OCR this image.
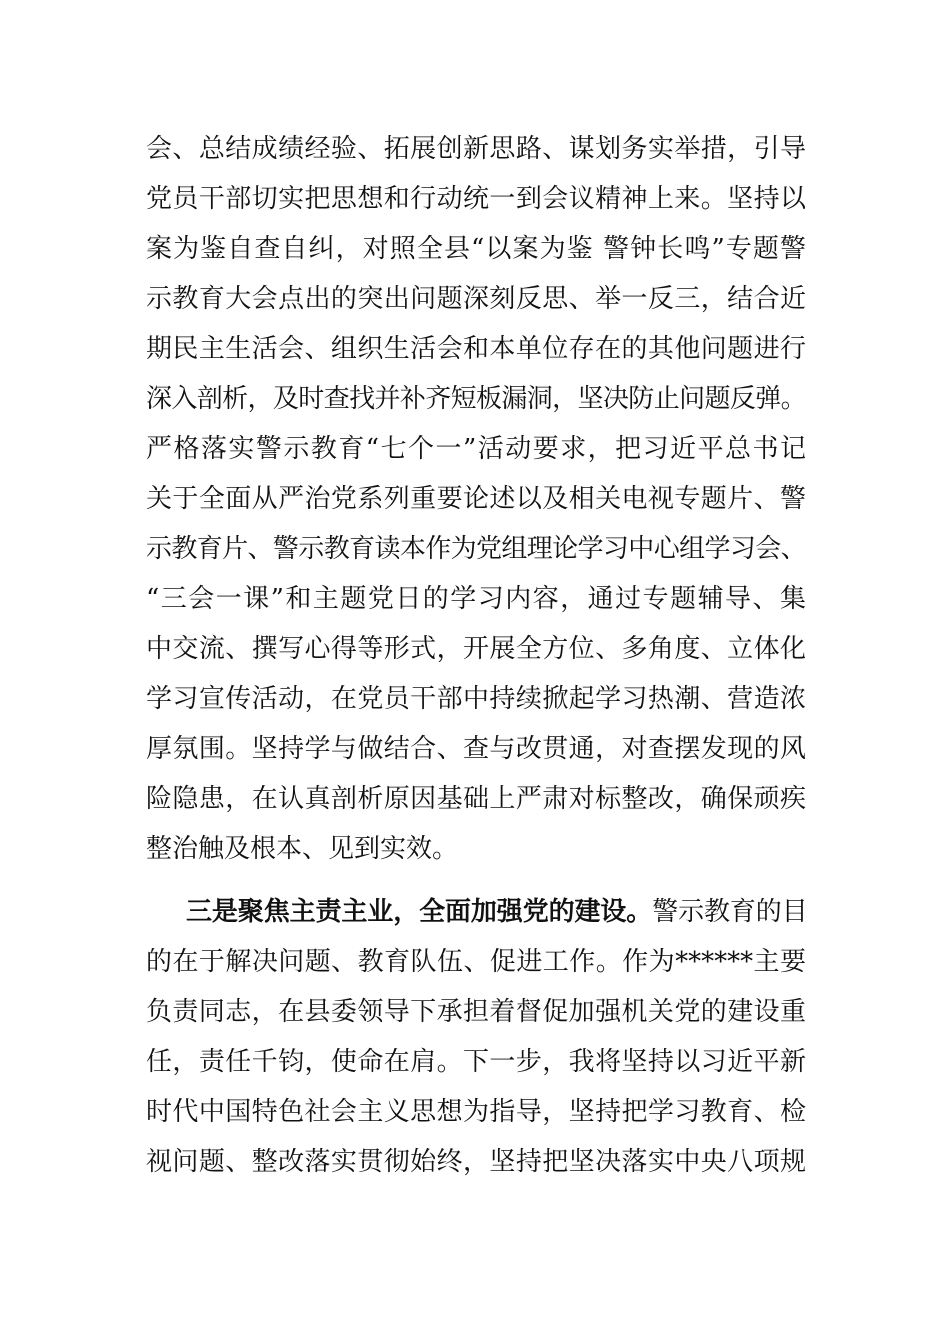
会、总结成绩经验、拓展创新思路、谋划务实举措，引导
党员干部切实把思想和行动统一到会议精神上来。坚持以
案为鉴自查自纠，对照全县“以案为鉴 警钟长鸣”专题警
示教育大会点出的突出问题深刻反思、举一反三，结合近
期民主生活会、组织生活会和本单位存在的其他问题进行
深入剖析，及时查找并补齐短板漏洞，坚决防止问题反弹。
严格落实警示教育“七个一”活动要求，把习近平总书记
关于全面从严治党系列重要论述以及相关电视专题片、警
示教育片、警示教育读本作为党组理论学习中心组学习会、
“三会一课”和主题党日的学习内容，通过专题辅导、集
中交流、撰写心得等形式，开展全方位、多角度、立体化
学习宣传活动，在党员干部中持续掀起学习热潮、营造浓
厚氛围。坚持学与做结合、查与改贯通，对查摆发现的风
险隐患，在认真剖析原因基础上严肃对标整改，确保顽疾
整治触及根本、见到实效。
三是聚焦主责主业，全面加强党的建设。 警示教育的目
的在于解决问题、教育队伍、促进工作。作为******主要
负责同志，在县委领导下承担着督促加强机关党的建设重
任，责任千钧，使命在肩。下一步，我将坚持以习近平新
时代中国特色社会主义思想为指导，坚持把学习教育、检
视问题、整改落实贯彻始终，坚持把坚决落实中央八项规
